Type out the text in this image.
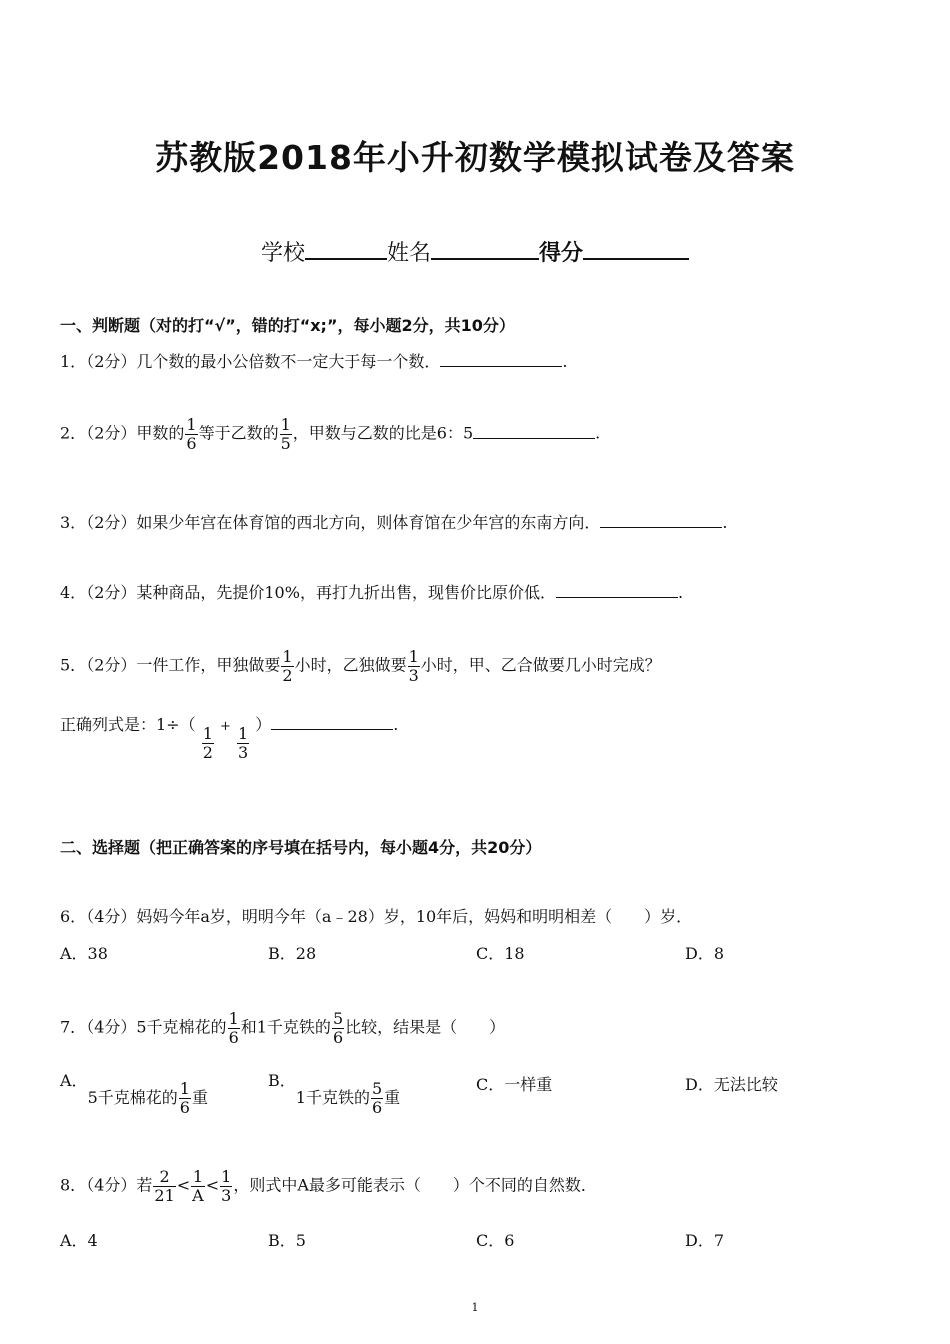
苏教版2018年小升初数学模拟试卷及答案
学校	姓名	得分
一、判断题（对的打“√”，错的打“x;”，每小题2分，共10分）
1．（2分）几个数的最小公倍数不一定大于每一个数．	.
2．（2分）甲数的 $\frac{1}{6}$ 等于乙数的 $\frac{1}{5}$ ，甲数与乙数的比是6：5	.
3．（2分）如果少年宫在体育馆的西北方向，则体育馆在少年宫的东南方向．	.
4．（2分）某种商品，先提价10%，再打九折出售，现售价比原价低．	.
5．（2分）一件工作，甲独做要 $\frac{1}{2}$ 小时，乙独做要 $\frac{1}{3}$ 小时，甲、乙合做要几小时完成？
正确列式是：1÷（
$\frac{1}{2} + \frac{1}{3}$
）	.
二、选择题（把正确答案的序号填在括号内，每小题4分，共20分）
6．（4分）妈妈今年a岁，明明今年（a﹣28）岁，10年后，妈妈和明明相差（　　）岁．
A．38	B．28	C．18	D．8
7．（4分）5千克棉花的 $\frac{1}{6}$ 和1千克铁的 $\frac{5}{6}$ 比较，结果是（　　）
A．5千克棉花的 $\frac{1}{6}$ 重
B．1千克铁的 $\frac{5}{6}$ 重
C．一样重	D．无法比较
8．（4分）若 $\frac{2}{21} < \frac{1}{A} < \frac{1}{3}$ ，则式中A最多可能表示（　　）个不同的自然数．
A．4	B．5	C．6	D．7
1
